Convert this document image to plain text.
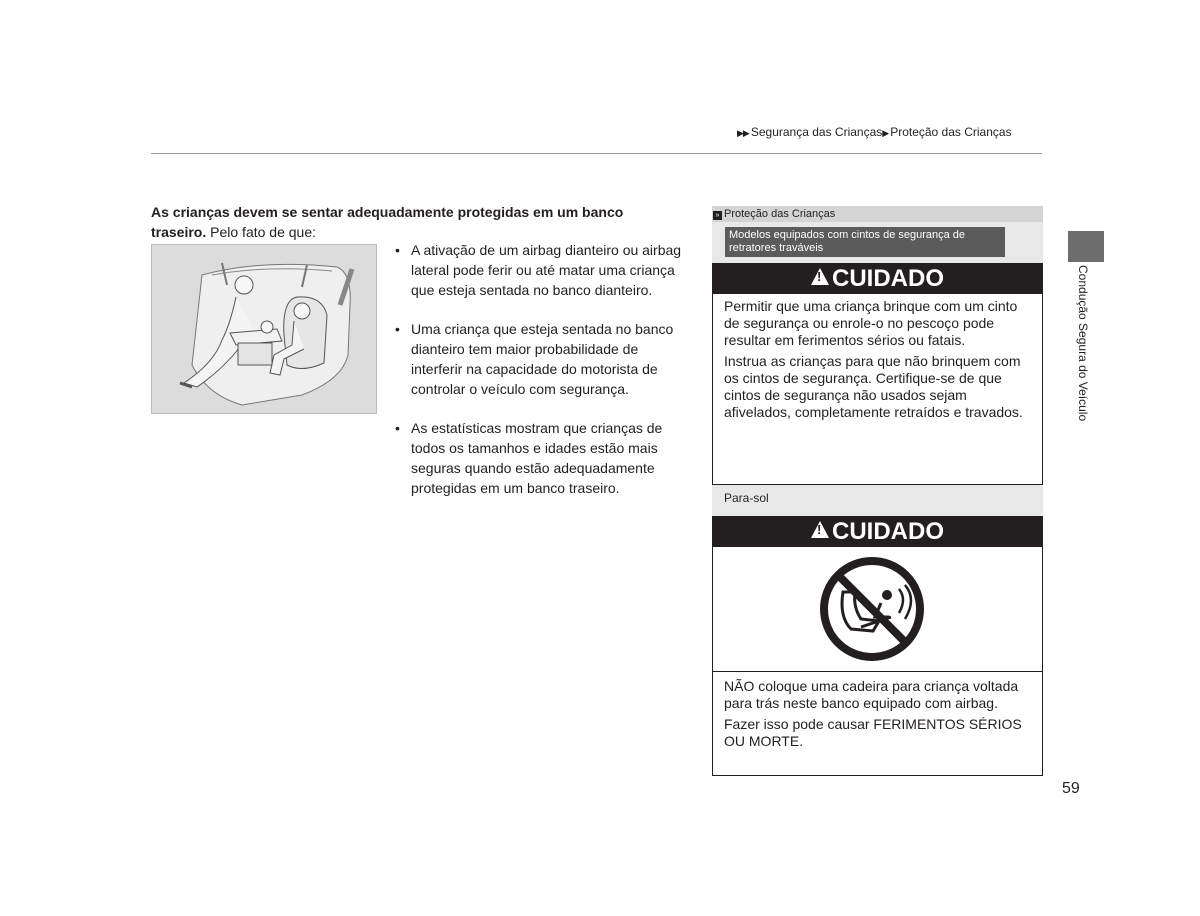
▶▶ Segurança das Crianças▶ Proteção das Crianças
As crianças devem se sentar adequadamente protegidas em um banco traseiro. Pelo fato de que:
• A ativação de um airbag dianteiro ou airbag lateral pode ferir ou até matar uma criança que esteja sentada no banco dianteiro.
• Uma criança que esteja sentada no banco dianteiro tem maior probabilidade de interferir na capacidade do motorista de controlar o veículo com segurança.
• As estatísticas mostram que crianças de todos os tamanhos e idades estão mais seguras quando estão adequadamente protegidas em um banco traseiro.
» Proteção das Crianças
Modelos equipados com cintos de segurança de retratores traváveis
! CUIDADO

Permitir que uma criança brinque com um cinto de segurança ou enrole-o no pescoço pode resultar em ferimentos sérios ou fatais.

Instrua as crianças para que não brinquem com os cintos de segurança. Certifique-se de que cintos de segurança não usados sejam afivelados, completamente retraídos e travados.

Para-sol
! CUIDADO

NÃO coloque uma cadeira para criança voltada para trás neste banco equipado com airbag.

Fazer isso pode causar FERIMENTOS SÉRIOS OU MORTE.

Condução Segura do Veículo
59
